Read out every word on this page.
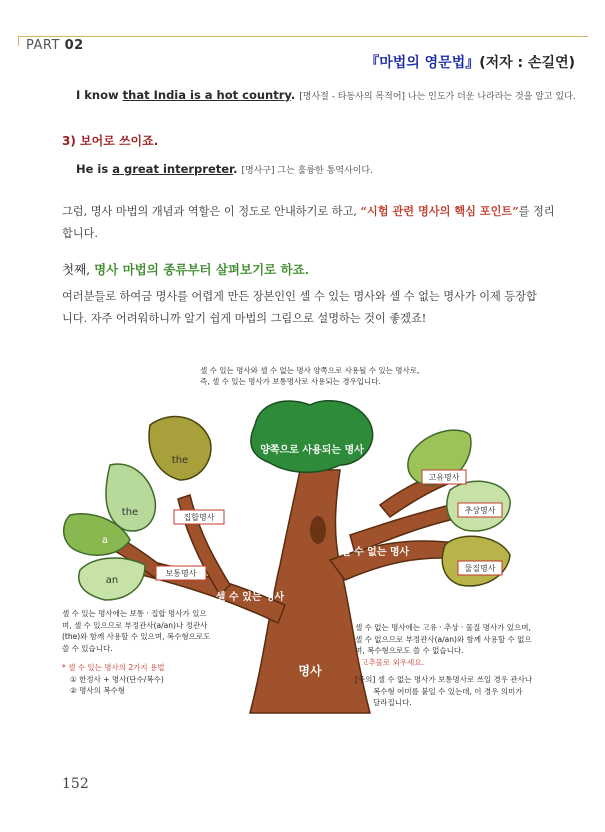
PART 02
『마법의 영문법』(저자 : 손길연)
I know that India is a hot country. [명사절 - 타동사의 목적어] 나는 인도가 더운 나라라는 것을 알고 있다.
3) 보어로 쓰이죠.
He is a great interpreter. [명사구] 그는 훌륭한 통역사이다.
그럼, 명사 마법의 개념과 역할은 이 정도로 안내하기로 하고, “시험 관련 명사의 핵심 포인트”를 정리
합니다.
첫째, 명사 마법의 종류부터 살펴보기로 하죠.
여러분들로 하여금 명사를 어렵게 만든 장본인인 셀 수 있는 명사와 셀 수 없는 명사가 이제 등장합
니다. 자주 어려워하니까 알기 쉽게 마법의 그림으로 설명하는 것이 좋겠죠!
셀 수 있는 명사와 셀 수 없는 명사 양쪽으로 사용될 수 있는 명사로,
즉, 셀 수 있는 명사가 보통명사로 사용되는 경우입니다.
양쪽으로 사용되는 명사
the
the
a
an
셀 수 있는 명사
셀 수 없는 명사
명사
집합명사
보통명사
고유명사
추상명사
물질명사
셀 수 있는 명사에는 보통 · 집합 명사가 있으
며, 셀 수 있으므로 부정관사(a/an)나 정관사
(the)와 함께 사용할 수 있으며, 복수형으로도
쓸 수 있습니다.
* 셀 수 있는 명사의 2가지 용법
① 한정사 + 명사(단수/복수)
② 명사의 복수형
셀 수 없는 명사에는 고유 · 추상 · 물질 명사가 있으며,
셀 수 없으므로 부정관사(a/an)와 함께 사용할 수 없으
며, 복수형으로도 쓸 수 없습니다.
* 고추물로 외우세요.
[주의] 셀 수 없는 명사가 보통명사로 쓰일 경우 관사나
복수형 어미를 붙일 수 있는데, 이 경우 의미가
달라집니다.
152
